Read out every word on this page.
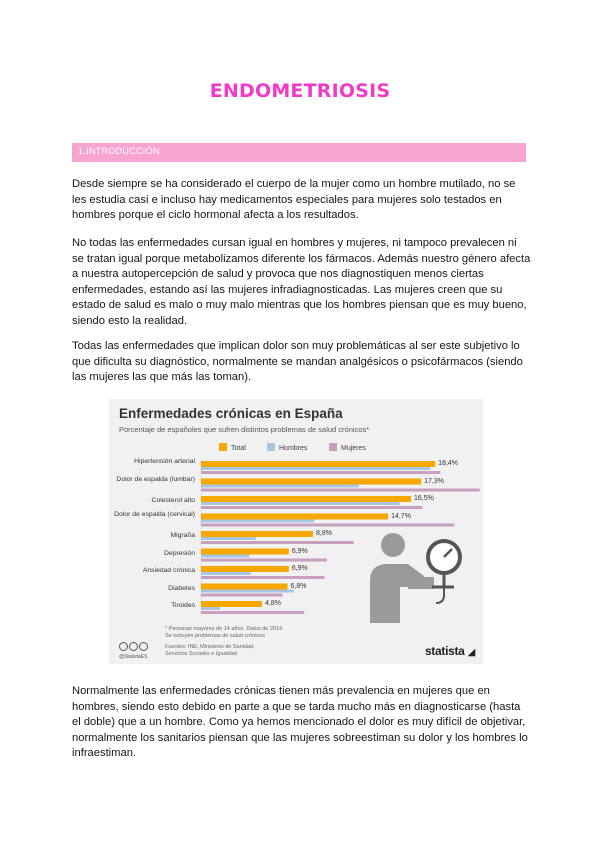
ENDOMETRIOSIS
1.INTRODUCCIÓN
Desde siempre se ha considerado el cuerpo de la mujer como un hombre mutilado, no se
les estudia casi e incluso hay medicamentos especiales para mujeres solo testados en
hombres porque el ciclo hormonal afecta a los resultados.
No todas las enfermedades cursan igual en hombres y mujeres, ni tampoco prevalecen ni
se tratan igual porque metabolizamos diferente los fármacos. Además nuestro género afecta
a nuestra autopercepción de salud y provoca que nos diagnostiquen menos ciertas
enfermedades, estando así las mujeres infradiagnosticadas. Las mujeres creen que su
estado de salud es malo o muy malo mientras que los hombres piensan que es muy bueno,
siendo esto la realidad.
Todas las enfermedades que implican dolor son muy problemáticas al ser este subjetivo lo
que dificulta su diagnóstico, normalmente se mandan analgésicos o psicofármacos (siendo
las mujeres las que más las toman).
Enfermedades crónicas en España
Porcentaje de españoles que sufren distintos problemas de salud crónicos*
Total	Hombres	Mujeres
Hipertensión arterial	18,4%
Dolor de espalda (lumbar)	17,3%
Colesterol alto	16,5%
Dolor de espalda (cervical)	14,7%
Migraña	8,8%
Depresión	6,9%
Ansiedad crónica	6,9%
Diabetes	6,8%
Tiroides	4,8%
* Personas mayores de 14 años. Datos de 2014.
Se incluyen problemas de salud crónicos
Fuentes: INE, Ministerio de Sanidad,
Servicios Sociales e Igualdad
@StatistaES	statista ◢
Normalmente las enfermedades crónicas tienen más prevalencia en mujeres que en
hombres, siendo esto debido en parte a que se tarda mucho más en diagnosticarse (hasta
el doble) que a un hombre. Como ya hemos mencionado el dolor es muy difícil de objetivar,
normalmente los sanitarios piensan que las mujeres sobreestiman su dolor y los hombres lo
infraestiman.
